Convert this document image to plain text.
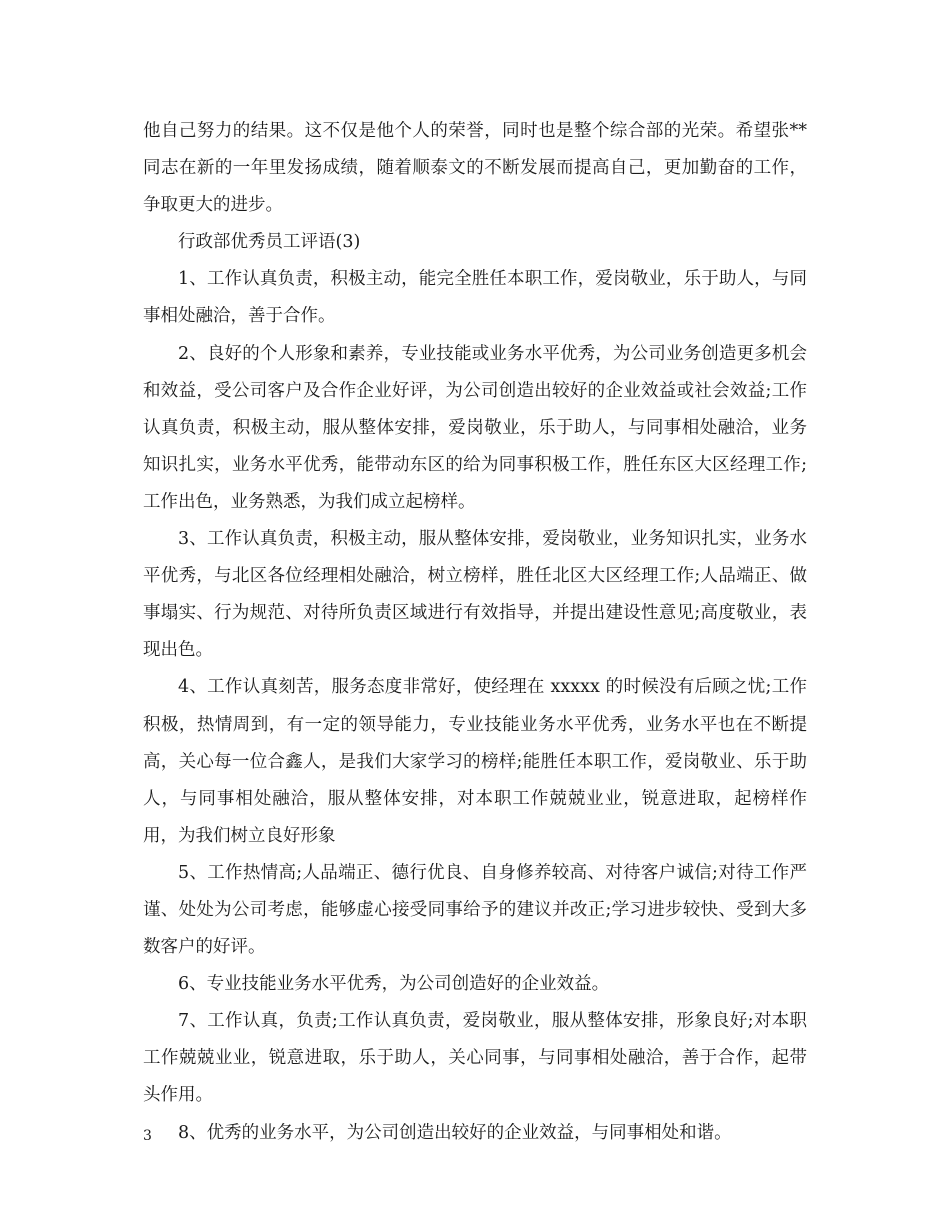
他自己努力的结果。这不仅是他个人的荣誉，同时也是整个综合部的光荣。希望张**同志在新的一年里发扬成绩，随着顺泰文的不断发展而提高自己，更加勤奋的工作，争取更大的进步。

行政部优秀员工评语(3)

1、工作认真负责，积极主动，能完全胜任本职工作，爱岗敬业，乐于助人，与同事相处融洽，善于合作。

2、良好的个人形象和素养，专业技能或业务水平优秀，为公司业务创造更多机会和效益，受公司客户及合作企业好评，为公司创造出较好的企业效益或社会效益;工作认真负责，积极主动，服从整体安排，爱岗敬业，乐于助人，与同事相处融洽，业务知识扎实，业务水平优秀，能带动东区的给为同事积极工作，胜任东区大区经理工作;工作出色，业务熟悉，为我们成立起榜样。

3、工作认真负责，积极主动，服从整体安排，爱岗敬业，业务知识扎实，业务水平优秀，与北区各位经理相处融洽，树立榜样，胜任北区大区经理工作;人品端正、做事塌实、行为规范、对待所负责区域进行有效指导，并提出建设性意见;高度敬业，表现出色。

4、工作认真刻苦，服务态度非常好，使经理在 xxxxx 的时候没有后顾之忧;工作积极，热情周到，有一定的领导能力，专业技能业务水平优秀，业务水平也在不断提高，关心每一位合鑫人，是我们大家学习的榜样;能胜任本职工作，爱岗敬业、乐于助人，与同事相处融洽，服从整体安排，对本职工作兢兢业业，锐意进取，起榜样作用，为我们树立良好形象

5、工作热情高;人品端正、德行优良、自身修养较高、对待客户诚信;对待工作严谨、处处为公司考虑，能够虚心接受同事给予的建议并改正;学习进步较快、受到大多数客户的好评。

6、专业技能业务水平优秀，为公司创造好的企业效益。

7、工作认真，负责;工作认真负责，爱岗敬业，服从整体安排，形象良好;对本职工作兢兢业业，锐意进取，乐于助人，关心同事，与同事相处融洽，善于合作，起带头作用。

8、优秀的业务水平，为公司创造出较好的企业效益，与同事相处和谐。

3
